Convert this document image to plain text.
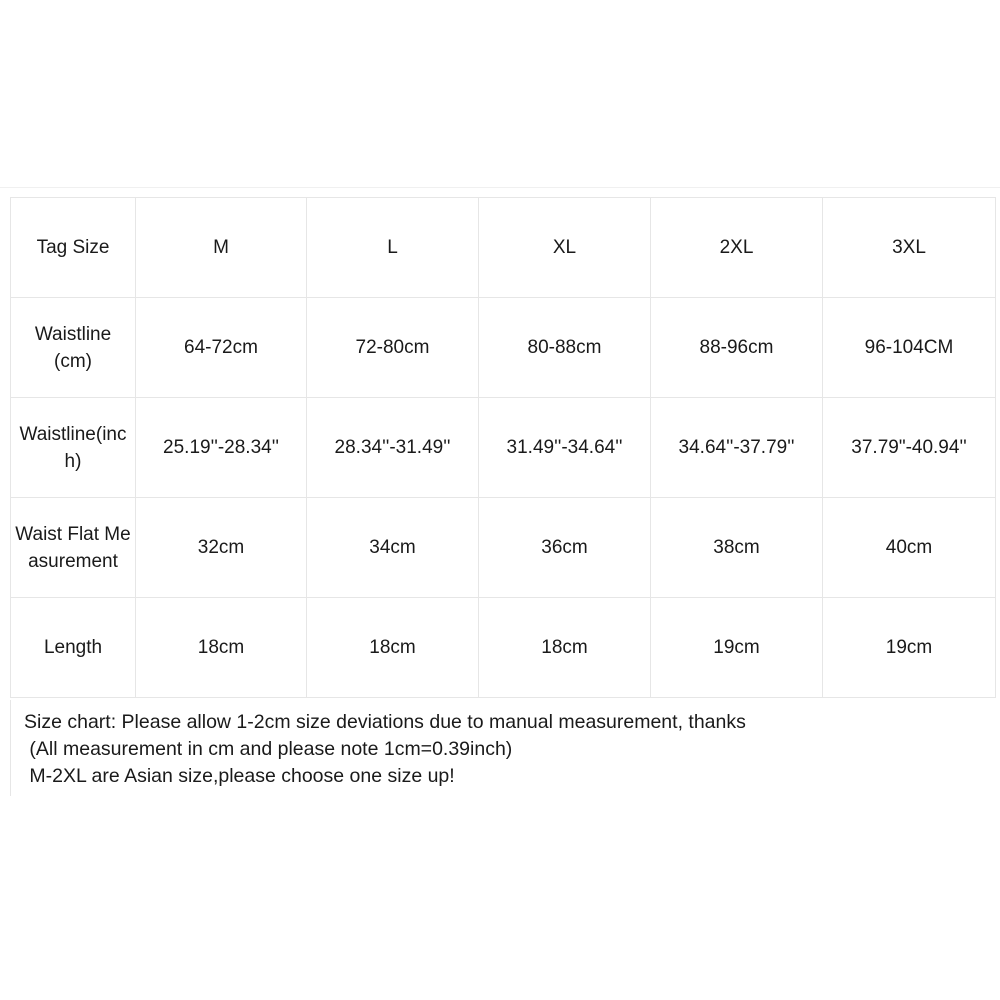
Tag Size	M	L	XL	2XL	3XL
Waistline (cm)	64-72cm	72-80cm	80-88cm	88-96cm	96-104CM
Waistline(inch)	25.19''-28.34''	28.34''-31.49''	31.49''-34.64''	34.64''-37.79''	37.79"-40.94''
Waist Flat Measurement	32cm	34cm	36cm	38cm	40cm
Length	18cm	18cm	18cm	19cm	19cm
Size chart: Please allow 1-2cm size deviations due to manual measurement, thanks
(All measurement in cm and please note 1cm=0.39inch)
M-2XL are Asian size,please choose one size up!
